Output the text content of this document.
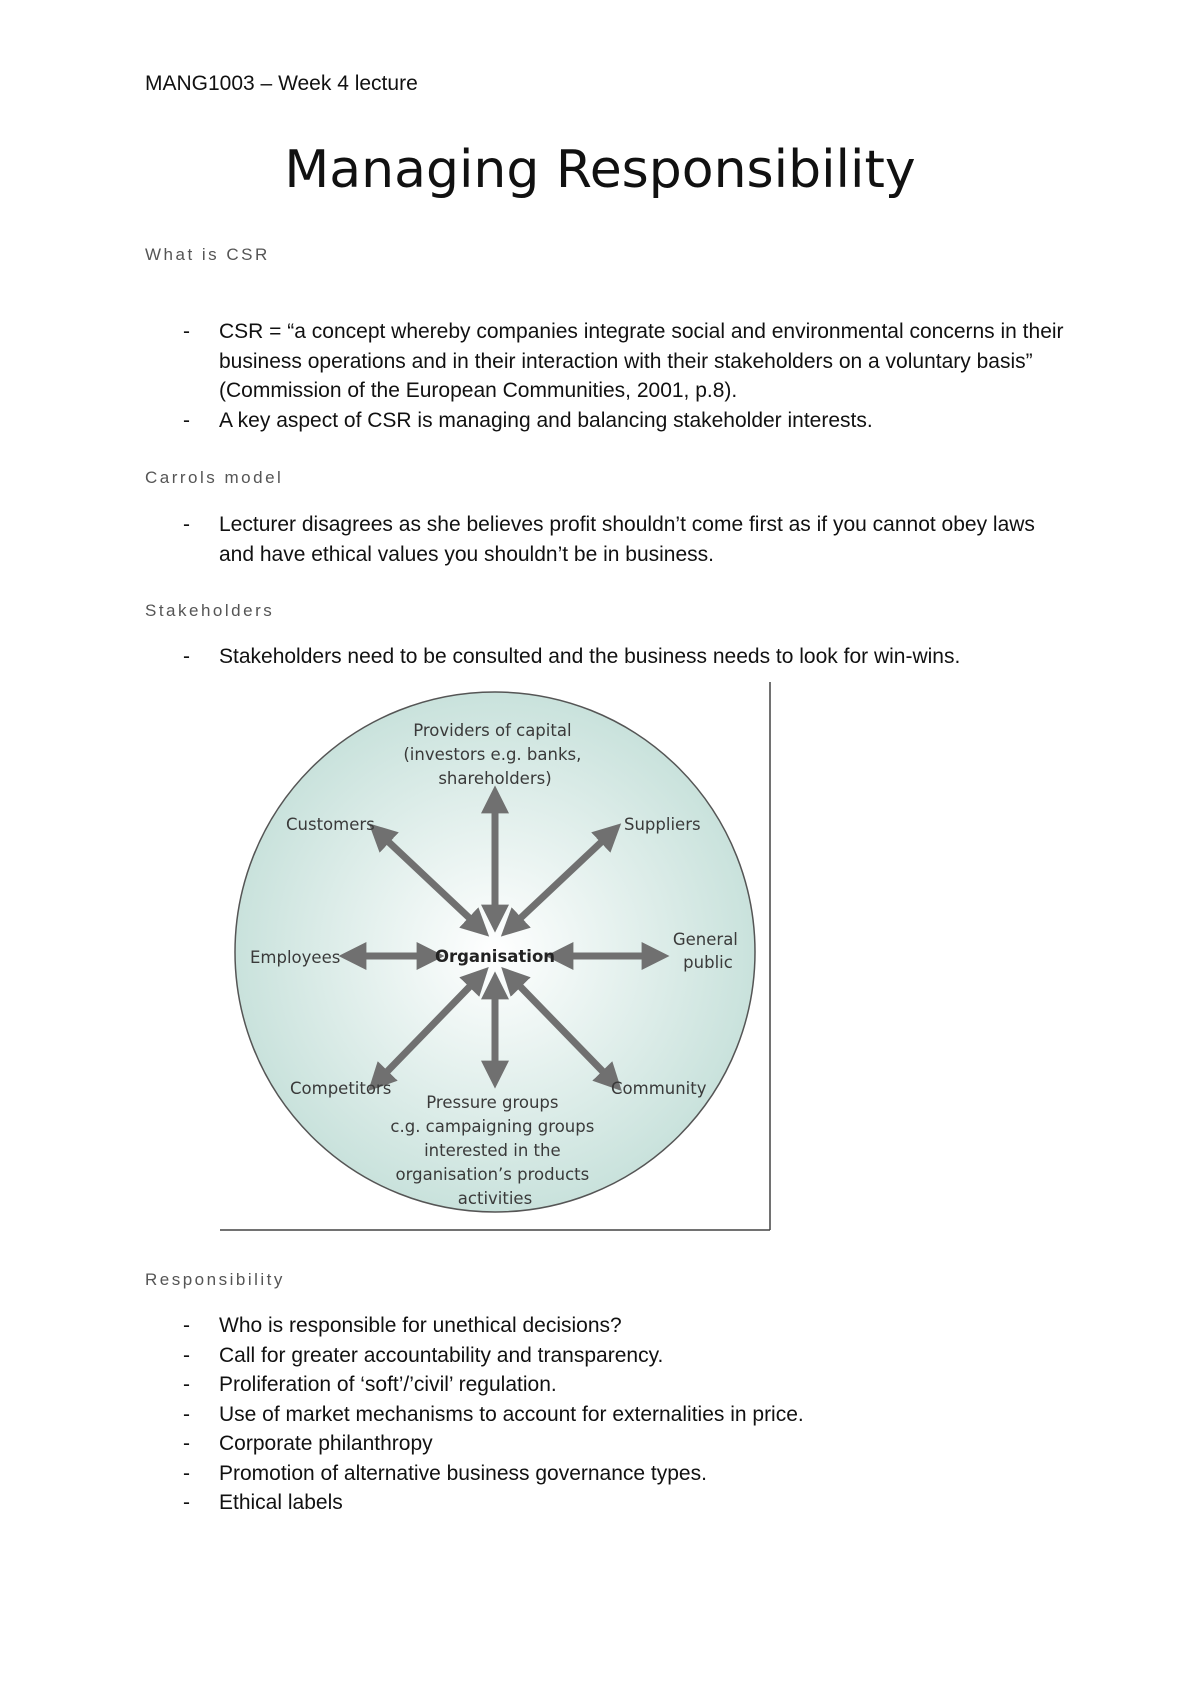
MANG1003 – Week 4 lecture
Managing Responsibility
What is CSR
- CSR = “a concept whereby companies integrate social and environmental concerns in their business operations and in their interaction with their stakeholders on a voluntary basis” (Commission of the European Communities, 2001, p.8).
- A key aspect of CSR is managing and balancing stakeholder interests.
Carrols model
- Lecturer disagrees as she believes profit shouldn’t come first as if you cannot obey laws and have ethical values you shouldn’t be in business.
Stakeholders
- Stakeholders need to be consulted and the business needs to look for win-wins.
Organisation
Providers of capital (investors e.g. banks, shareholders)
Customers	Suppliers
Employees
General public
Competitors	Community
Pressure groups c.g. campaigning groups interested in the organisation’s products activities
Responsibility
- Who is responsible for unethical decisions?
- Call for greater accountability and transparency.
- Proliferation of ‘soft’/’civil’ regulation.
- Use of market mechanisms to account for externalities in price.
- Corporate philanthropy
- Promotion of alternative business governance types.
- Ethical labels
